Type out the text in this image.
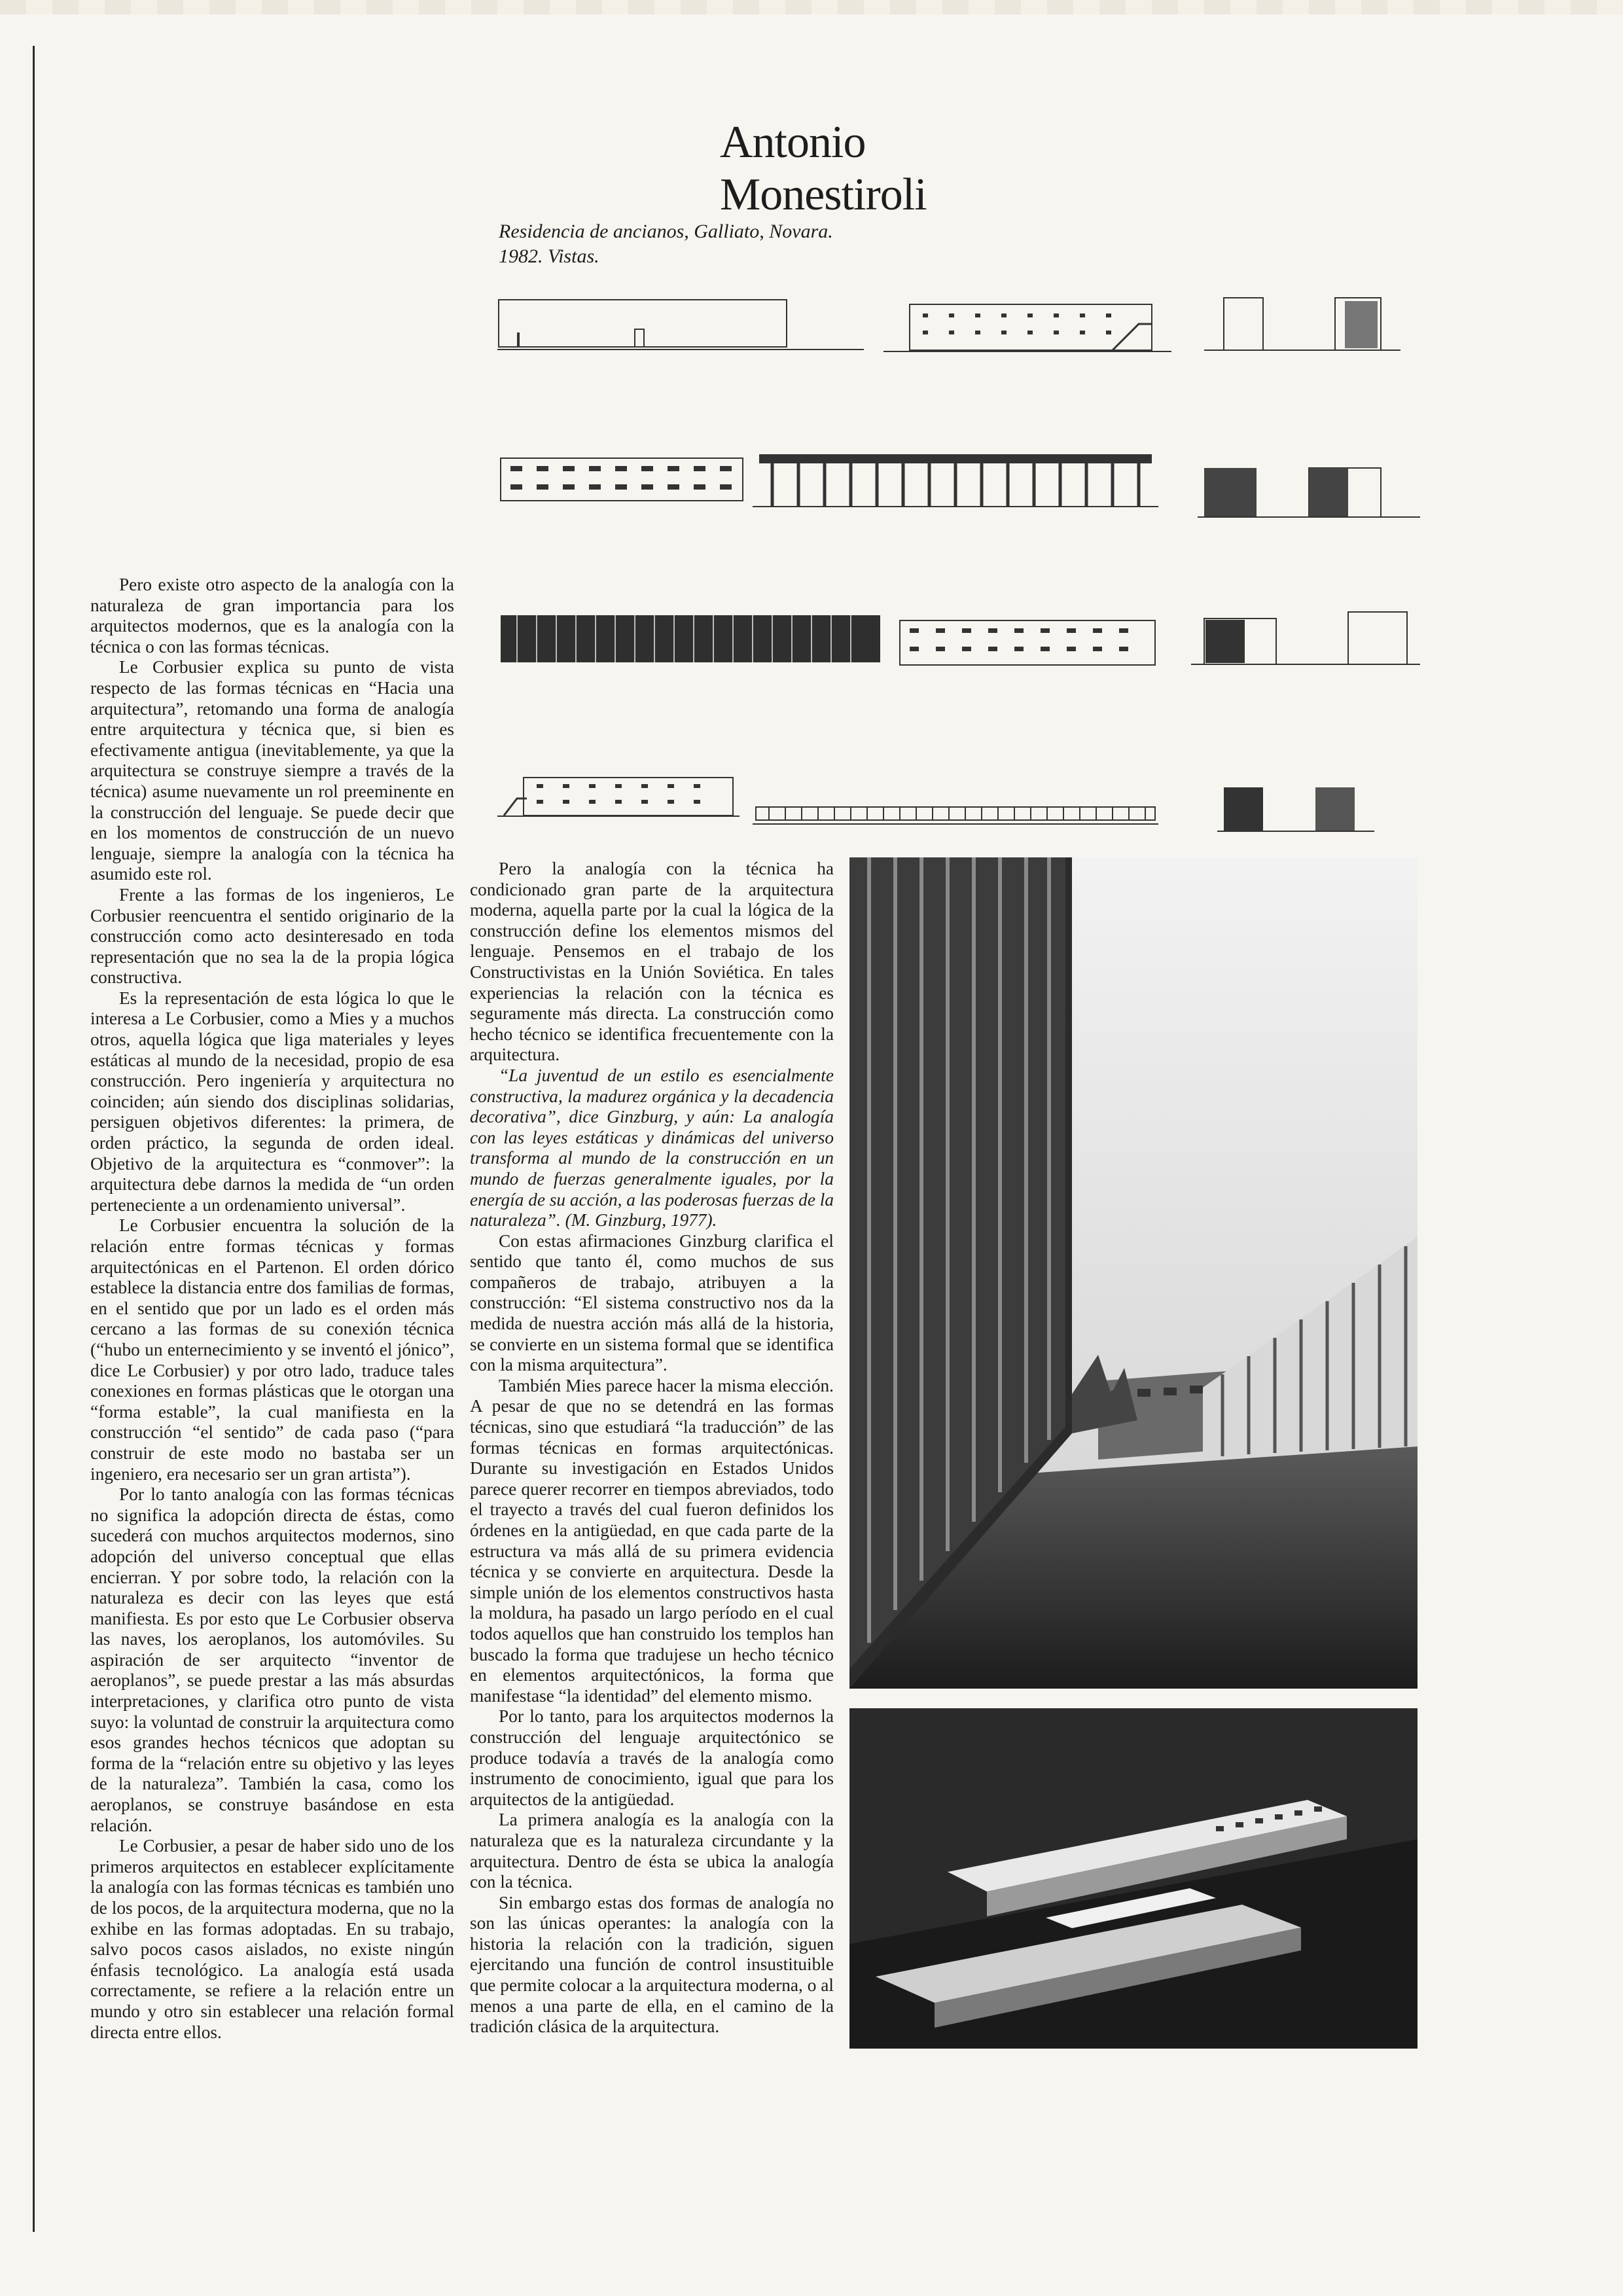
Antonio Monestiroli
Residencia de ancianos, Galliato, Novara.
1982. Vistas.

Pero existe otro aspecto de la analogía con la naturaleza de gran importancia para los arquitectos modernos, que es la analogía con la técnica o con las formas técnicas.

Le Corbusier explica su punto de vista respecto de las formas técnicas en “Hacia una arquitectura”, retomando una forma de analogía entre arquitectura y técnica que, si bien es efectivamente antigua (inevitablemente, ya que la arquitectura se construye siempre a través de la técnica) asume nuevamente un rol preeminente en la construcción del lenguaje. Se puede decir que en los momentos de construcción de un nuevo lenguaje, siempre la analogía con la técnica ha asumido este rol.

Frente a las formas de los ingenieros, Le Corbusier reencuentra el sentido originario de la construcción como acto desinteresado en toda representación que no sea la de la propia lógica constructiva.

Es la representación de esta lógica lo que le interesa a Le Corbusier, como a Mies y a muchos otros, aquella lógica que liga materiales y leyes estáticas al mundo de la necesidad, propio de esa construcción. Pero ingeniería y arquitectura no coinciden; aún siendo dos disciplinas solidarias, persiguen objetivos diferentes: la primera, de orden práctico, la segunda de orden ideal. Objetivo de la arquitectura es “conmover”: la arquitectura debe darnos la medida de “un orden perteneciente a un ordenamiento universal”.

Le Corbusier encuentra la solución de la relación entre formas técnicas y formas arquitectónicas en el Partenon. El orden dórico establece la distancia entre dos familias de formas, en el sentido que por un lado es el orden más cercano a las formas de su conexión técnica (“hubo un enternecimiento y se inventó el jónico”, dice Le Corbusier) y por otro lado, traduce tales conexiones en formas plásticas que le otorgan una “forma estable”, la cual manifiesta en la construcción “el sentido” de cada paso (“para construir de este modo no bastaba ser un ingeniero, era necesario ser un gran artista”).

Por lo tanto analogía con las formas técnicas no significa la adopción directa de éstas, como sucederá con muchos arquitectos modernos, sino adopción del universo conceptual que ellas encierran. Y por sobre todo, la relación con la naturaleza es decir con las leyes que está manifiesta. Es por esto que Le Corbusier observa las naves, los aeroplanos, los automóviles. Su aspiración de ser arquitecto “inventor de aeroplanos”, se puede prestar a las más absurdas interpretaciones, y clarifica otro punto de vista suyo: la voluntad de construir la arquitectura como esos grandes hechos técnicos que adoptan su forma de la “relación entre su objetivo y las leyes de la naturaleza”. También la casa, como los aeroplanos, se construye basándose en esta relación.

Le Corbusier, a pesar de haber sido uno de los primeros arquitectos en establecer explícitamente la analogía con las formas técnicas es también uno de los pocos, de la arquitectura moderna, que no la exhibe en las formas adoptadas. En su trabajo, salvo pocos casos aislados, no existe ningún énfasis tecnológico. La analogía está usada correctamente, se refiere a la relación entre un mundo y otro sin establecer una relación formal directa entre ellos.

Pero la analogía con la técnica ha condicionado gran parte de la arquitectura moderna, aquella parte por la cual la lógica de la construcción define los elementos mismos del lenguaje. Pensemos en el trabajo de los Constructivistas en la Unión Soviética. En tales experiencias la relación con la técnica es seguramente más directa. La construcción como hecho técnico se identifica frecuentemente con la arquitectura.

“La juventud de un estilo es esencialmente constructiva, la madurez orgánica y la decadencia decorativa”, dice Ginzburg, y aún: La analogía con las leyes estáticas y dinámicas del universo transforma al mundo de la construcción en un mundo de fuerzas generalmente iguales, por la energía de su acción, a las poderosas fuerzas de la naturaleza”. (M. Ginzburg, 1977).

Con estas afirmaciones Ginzburg clarifica el sentido que tanto él, como muchos de sus compañeros de trabajo, atribuyen a la construcción: “El sistema constructivo nos da la medida de nuestra acción más allá de la historia, se convierte en un sistema formal que se identifica con la misma arquitectura”.

También Mies parece hacer la misma elección. A pesar de que no se detendrá en las formas técnicas, sino que estudiará “la traducción” de las formas técnicas en formas arquitectónicas. Durante su investigación en Estados Unidos parece querer recorrer en tiempos abreviados, todo el trayecto a través del cual fueron definidos los órdenes en la antigüedad, en que cada parte de la estructura va más allá de su primera evidencia técnica y se convierte en arquitectura. Desde la simple unión de los elementos constructivos hasta la moldura, ha pasado un largo período en el cual todos aquellos que han construido los templos han buscado la forma que tradujese un hecho técnico en elementos arquitectónicos, la forma que manifestase “la identidad” del elemento mismo.

Por lo tanto, para los arquitectos modernos la construcción del lenguaje arquitectónico se produce todavía a través de la analogía como instrumento de conocimiento, igual que para los arquitectos de la antigüedad.

La primera analogía es la analogía con la naturaleza que es la naturaleza circundante y la arquitectura. Dentro de ésta se ubica la analogía con la técnica.

Sin embargo estas dos formas de analogía no son las únicas operantes: la analogía con la historia la relación con la tradición, siguen ejercitando una función de control insustituible que permite colocar a la arquitectura moderna, o al menos a una parte de ella, en el camino de la tradición clásica de la arquitectura.
